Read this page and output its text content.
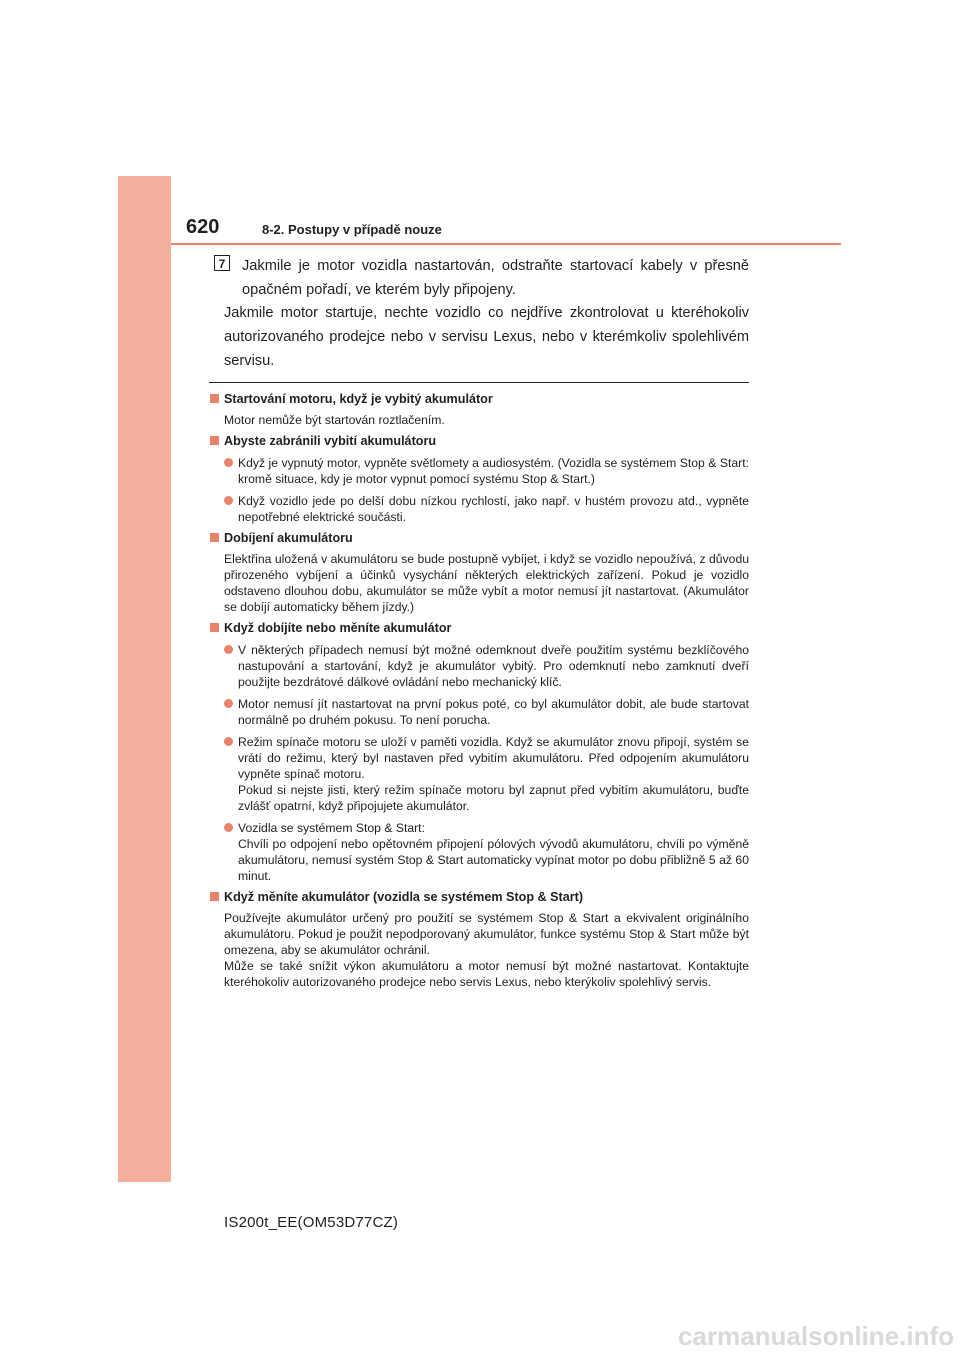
620	8-2. Postupy v případě nouze
7	Jakmile je motor vozidla nastartován, odstraňte startovací kabely v přesně opačném pořadí, ve kterém byly připojeny.
Jakmile motor startuje, nechte vozidlo co nejdříve zkontrolovat u kteréhokoliv autorizovaného prodejce nebo v servisu Lexus, nebo v kterémkoliv spolehlivém servisu.
Startování motoru, když je vybitý akumulátor
Motor nemůže být startován roztlačením.
Abyste zabránili vybití akumulátoru
Když je vypnutý motor, vypněte světlomety a audiosystém. (Vozidla se systémem Stop & Start: kromě situace, kdy je motor vypnut pomocí systému Stop & Start.)
Když vozidlo jede po delší dobu nízkou rychlostí, jako např. v hustém provozu atd., vypněte nepotřebné elektrické součásti.
Dobíjení akumulátoru
Elektřina uložená v akumulátoru se bude postupně vybíjet, i když se vozidlo nepoužívá, z důvodu přirozeného vybíjení a účinků vysychání některých elektrických zařízení. Pokud je vozidlo odstaveno dlouhou dobu, akumulátor se může vybít a motor nemusí jít nastartovat. (Akumulátor se dobíjí automaticky během jízdy.)
Když dobíjíte nebo měníte akumulátor
V některých případech nemusí být možné odemknout dveře použitím systému bezklíčového nastupování a startování, když je akumulátor vybitý. Pro odemknutí nebo zamknutí dveří použijte bezdrátové dálkové ovládání nebo mechanický klíč.
Motor nemusí jít nastartovat na první pokus poté, co byl akumulátor dobit, ale bude startovat normálně po druhém pokusu. To není porucha.
Režim spínače motoru se uloží v paměti vozidla. Když se akumulátor znovu připojí, systém se vrátí do režimu, který byl nastaven před vybitím akumulátoru. Před odpojením akumulátoru vypněte spínač motoru.
Pokud si nejste jisti, který režim spínače motoru byl zapnut před vybitím akumulátoru, buďte zvlášť opatrní, když připojujete akumulátor.
Vozidla se systémem Stop & Start:
Chvíli po odpojení nebo opětovném připojení pólových vývodů akumulátoru, chvíli po výměně akumulátoru, nemusí systém Stop & Start automaticky vypínat motor po dobu přibližně 5 až 60 minut.
Když měníte akumulátor (vozidla se systémem Stop & Start)
Používejte akumulátor určený pro použití se systémem Stop & Start a ekvivalent originálního akumulátoru. Pokud je použit nepodporovaný akumulátor, funkce systému Stop & Start může být omezena, aby se akumulátor ochránil.
Může se také snížit výkon akumulátoru a motor nemusí být možné nastartovat. Kontaktujte kteréhokoliv autorizovaného prodejce nebo servis Lexus, nebo kterýkoliv spolehlivý servis.
IS200t_EE(OM53D77CZ)
carmanualsonline.info
